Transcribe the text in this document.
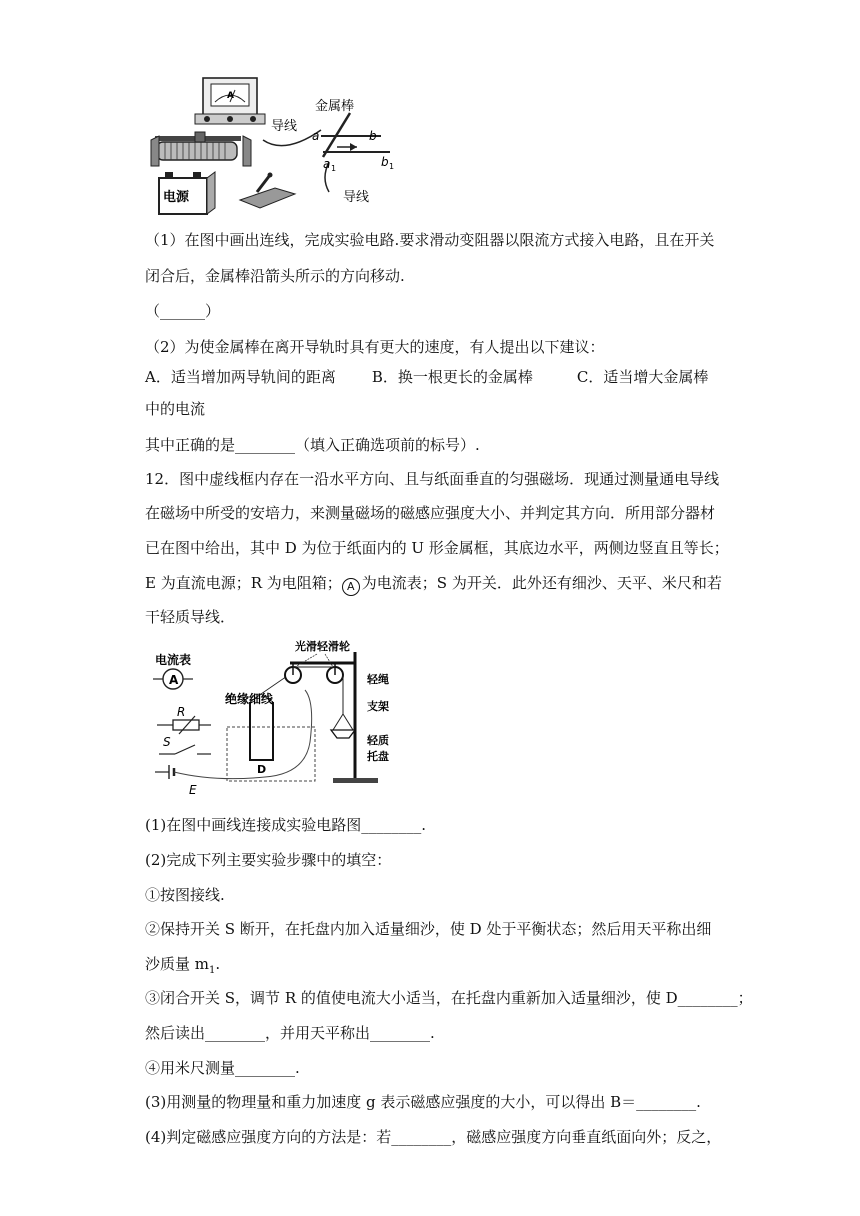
A
电源
导线
金属棒
a	b
a 1	b 1
导线
（1）在图中画出连线，完成实验电路.要求滑动变阻器以限流方式接入电路，且在开关
闭合后，金属棒沿箭头所示的方向移动.
（______）
（2）为使金属棒在离开导轨时具有更大的速度，有人提出以下建议：
A．适当增加两导轨间的距离 B．换一根更长的金属棒	C．适当增大金属棒
中的电流
其中正确的是________（填入正确选项前的标号）.
12．图中虚线框内存在一沿水平方向、且与纸面垂直的匀强磁场．现通过测量通电导线
在磁场中所受的安培力，来测量磁场的磁感应强度大小、并判定其方向．所用部分器材
已在图中给出，其中 D 为位于纸面内的 U 形金属框，其底边水平，两侧边竖直且等长；
E 为直流电源；R 为电阻箱； A 为电流表；S 为开关．此外还有细沙、天平、米尺和若
干轻质导线．
电流表
A
R
S
E
D
绝缘细线
光滑轻滑轮
轻绳
支架
轻质
托盘
(1)在图中画线连接成实验电路图________.
(2)完成下列主要实验步骤中的填空：
①按图接线.
②保持开关 S 断开，在托盘内加入适量细沙，使 D 处于平衡状态；然后用天平称出细
沙质量 $m_1$.
③闭合开关 S，调节 R 的值使电流大小适当，在托盘内重新加入适量细沙，使 D________；
然后读出________，并用天平称出________.
④用米尺测量________.
(3)用测量的物理量和重力加速度 g 表示磁感应强度的大小，可以得出 B＝________.
(4)判定磁感应强度方向的方法是：若________，磁感应强度方向垂直纸面向外；反之，
